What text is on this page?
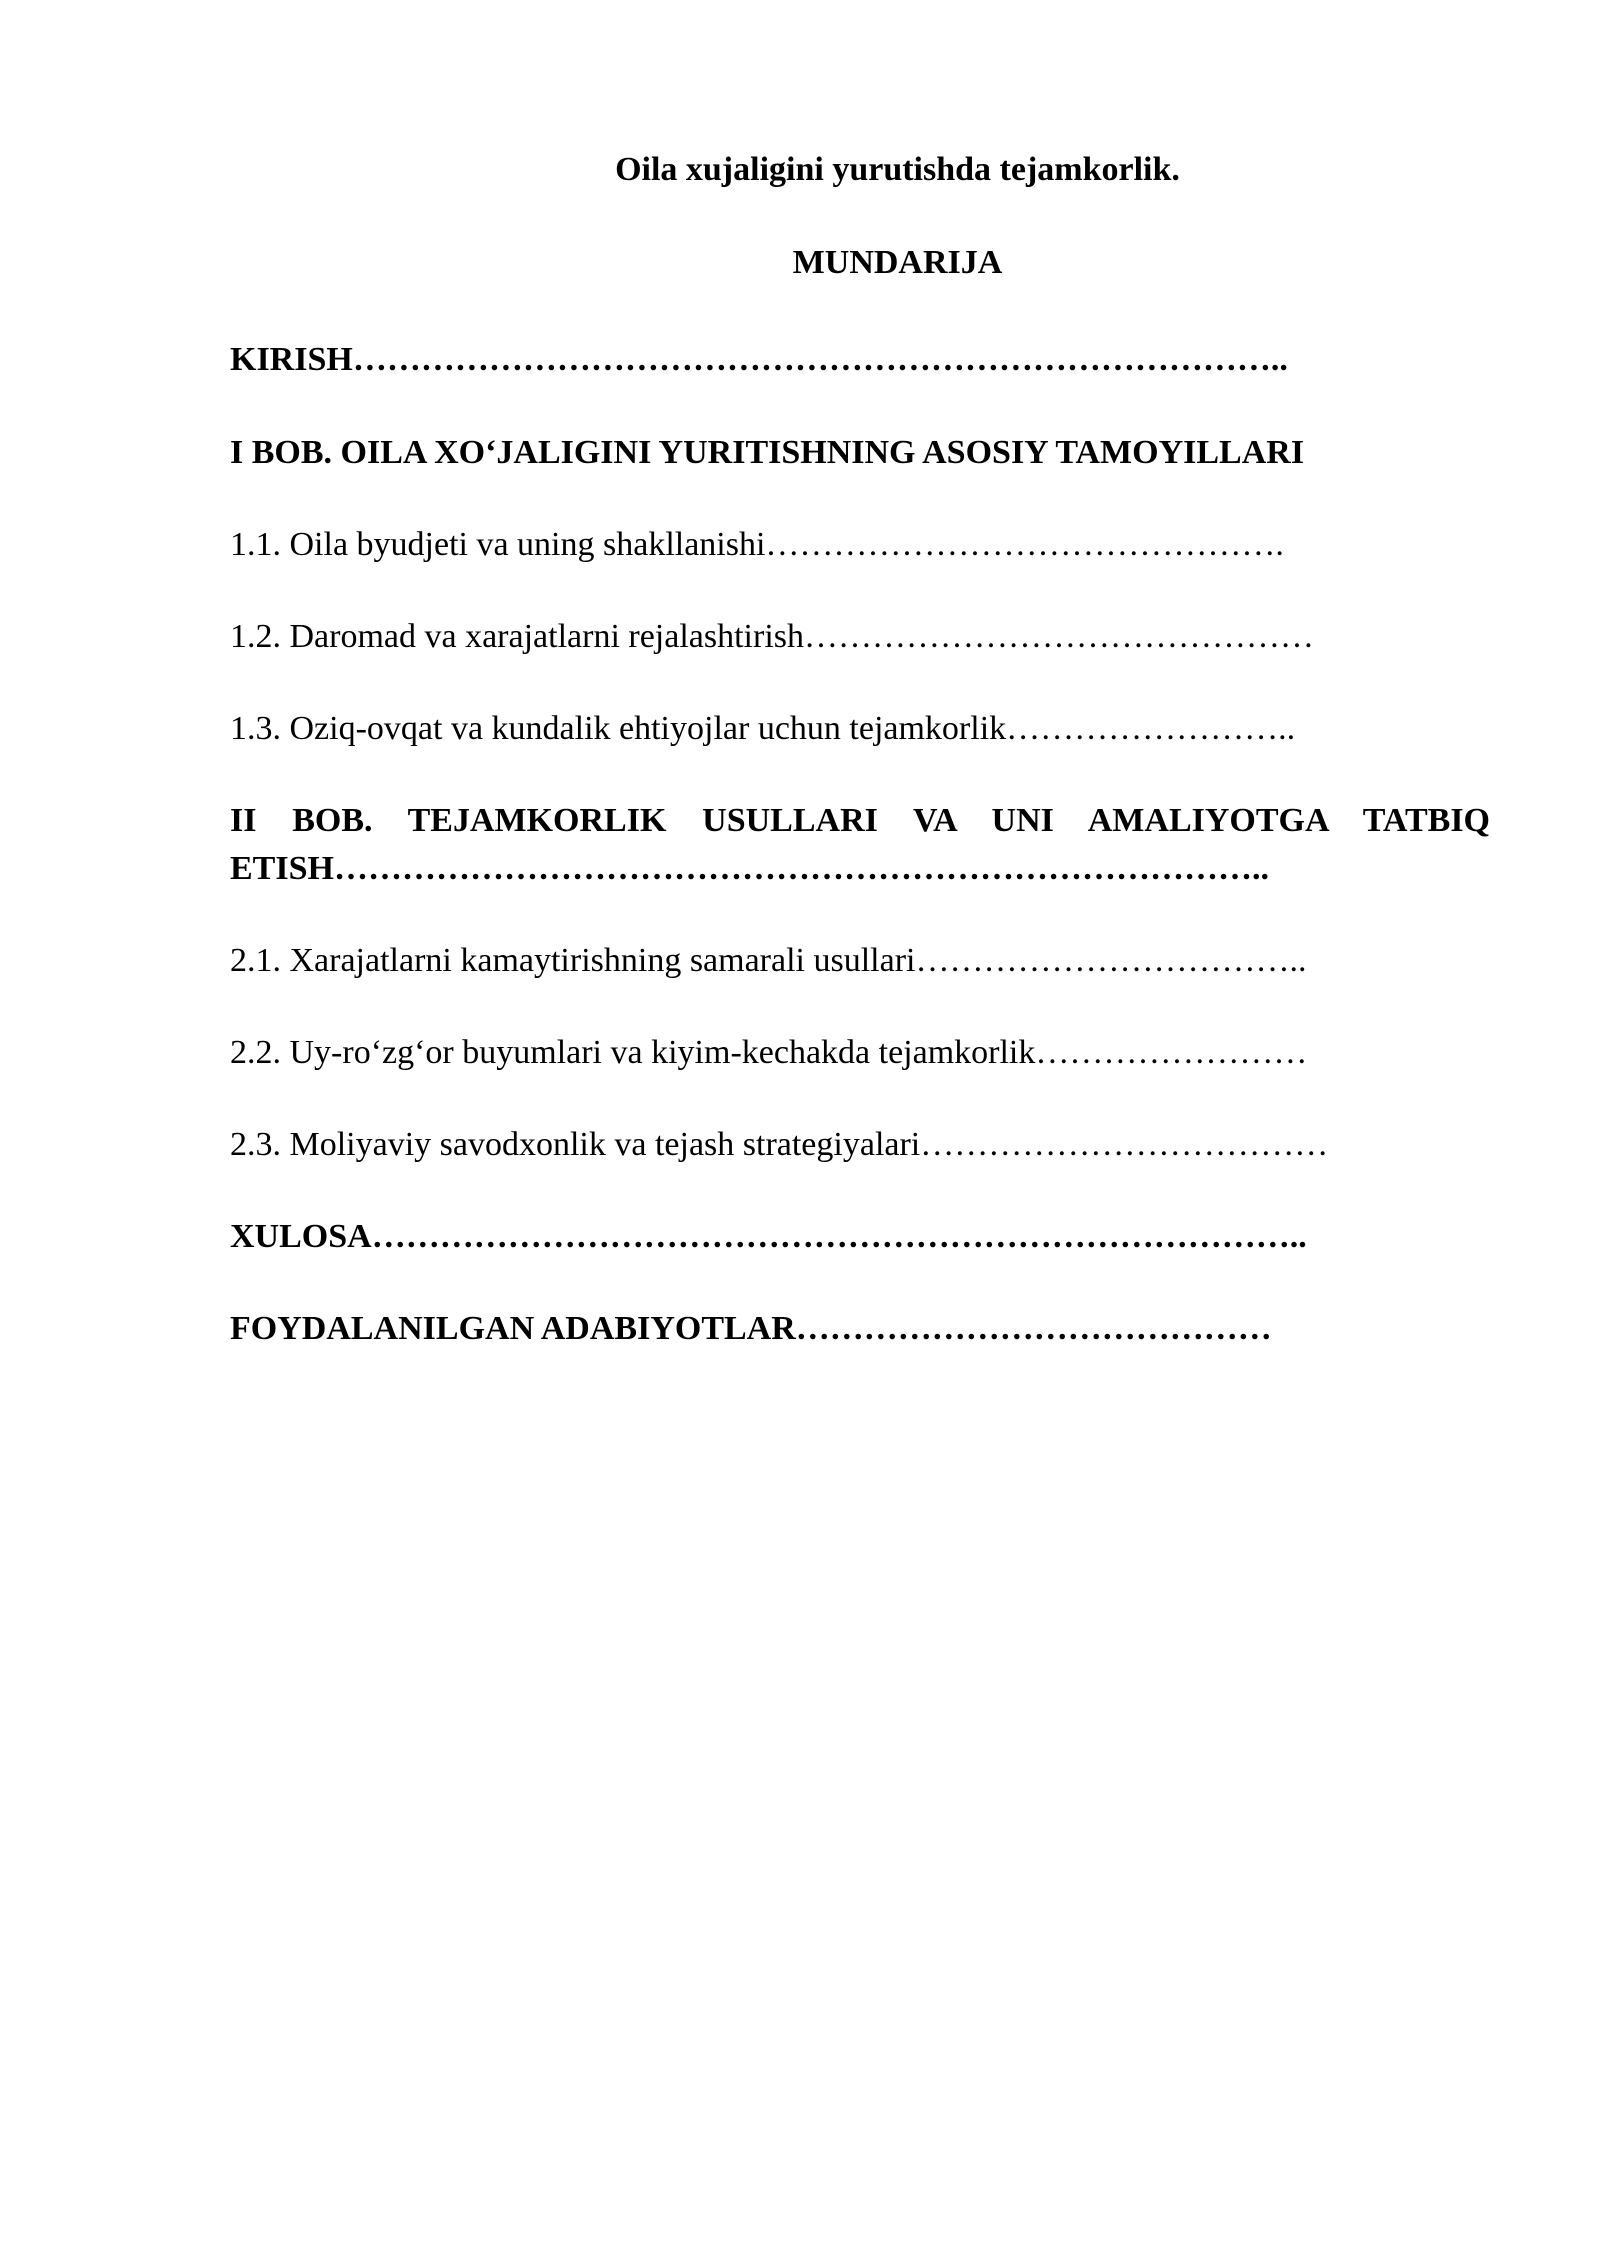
Oila xujaligini yurutishda tejamkorlik.
MUNDARIJA
KIRISH………………………………………………………………………..
I BOB. OILA XO‘JALIGINI YURITISHNING ASOSIY TAMOYILLARI
1.1. Oila byudjeti va uning shakllanishi……………………………………….
1.2. Daromad va xarajatlarni rejalashtirish………………………………………
1.3. Oziq-ovqat va kundalik ehtiyojlar uchun tejamkorlik……………………..
II BOB. TEJAMKORLIK USULLARI VA UNI AMALIYOTGA TATBIQ ETISH………………………………………………………………………..
2.1. Xarajatlarni kamaytirishning samarali usullari……………………………..
2.2. Uy-ro‘zg‘or buyumlari va kiyim-kechakda tejamkorlik……………………
2.3. Moliyaviy savodxonlik va tejash strategiyalari………………………………
XULOSA………………………………………………………………………..
FOYDALANILGAN ADABIYOTLAR……………………………………
